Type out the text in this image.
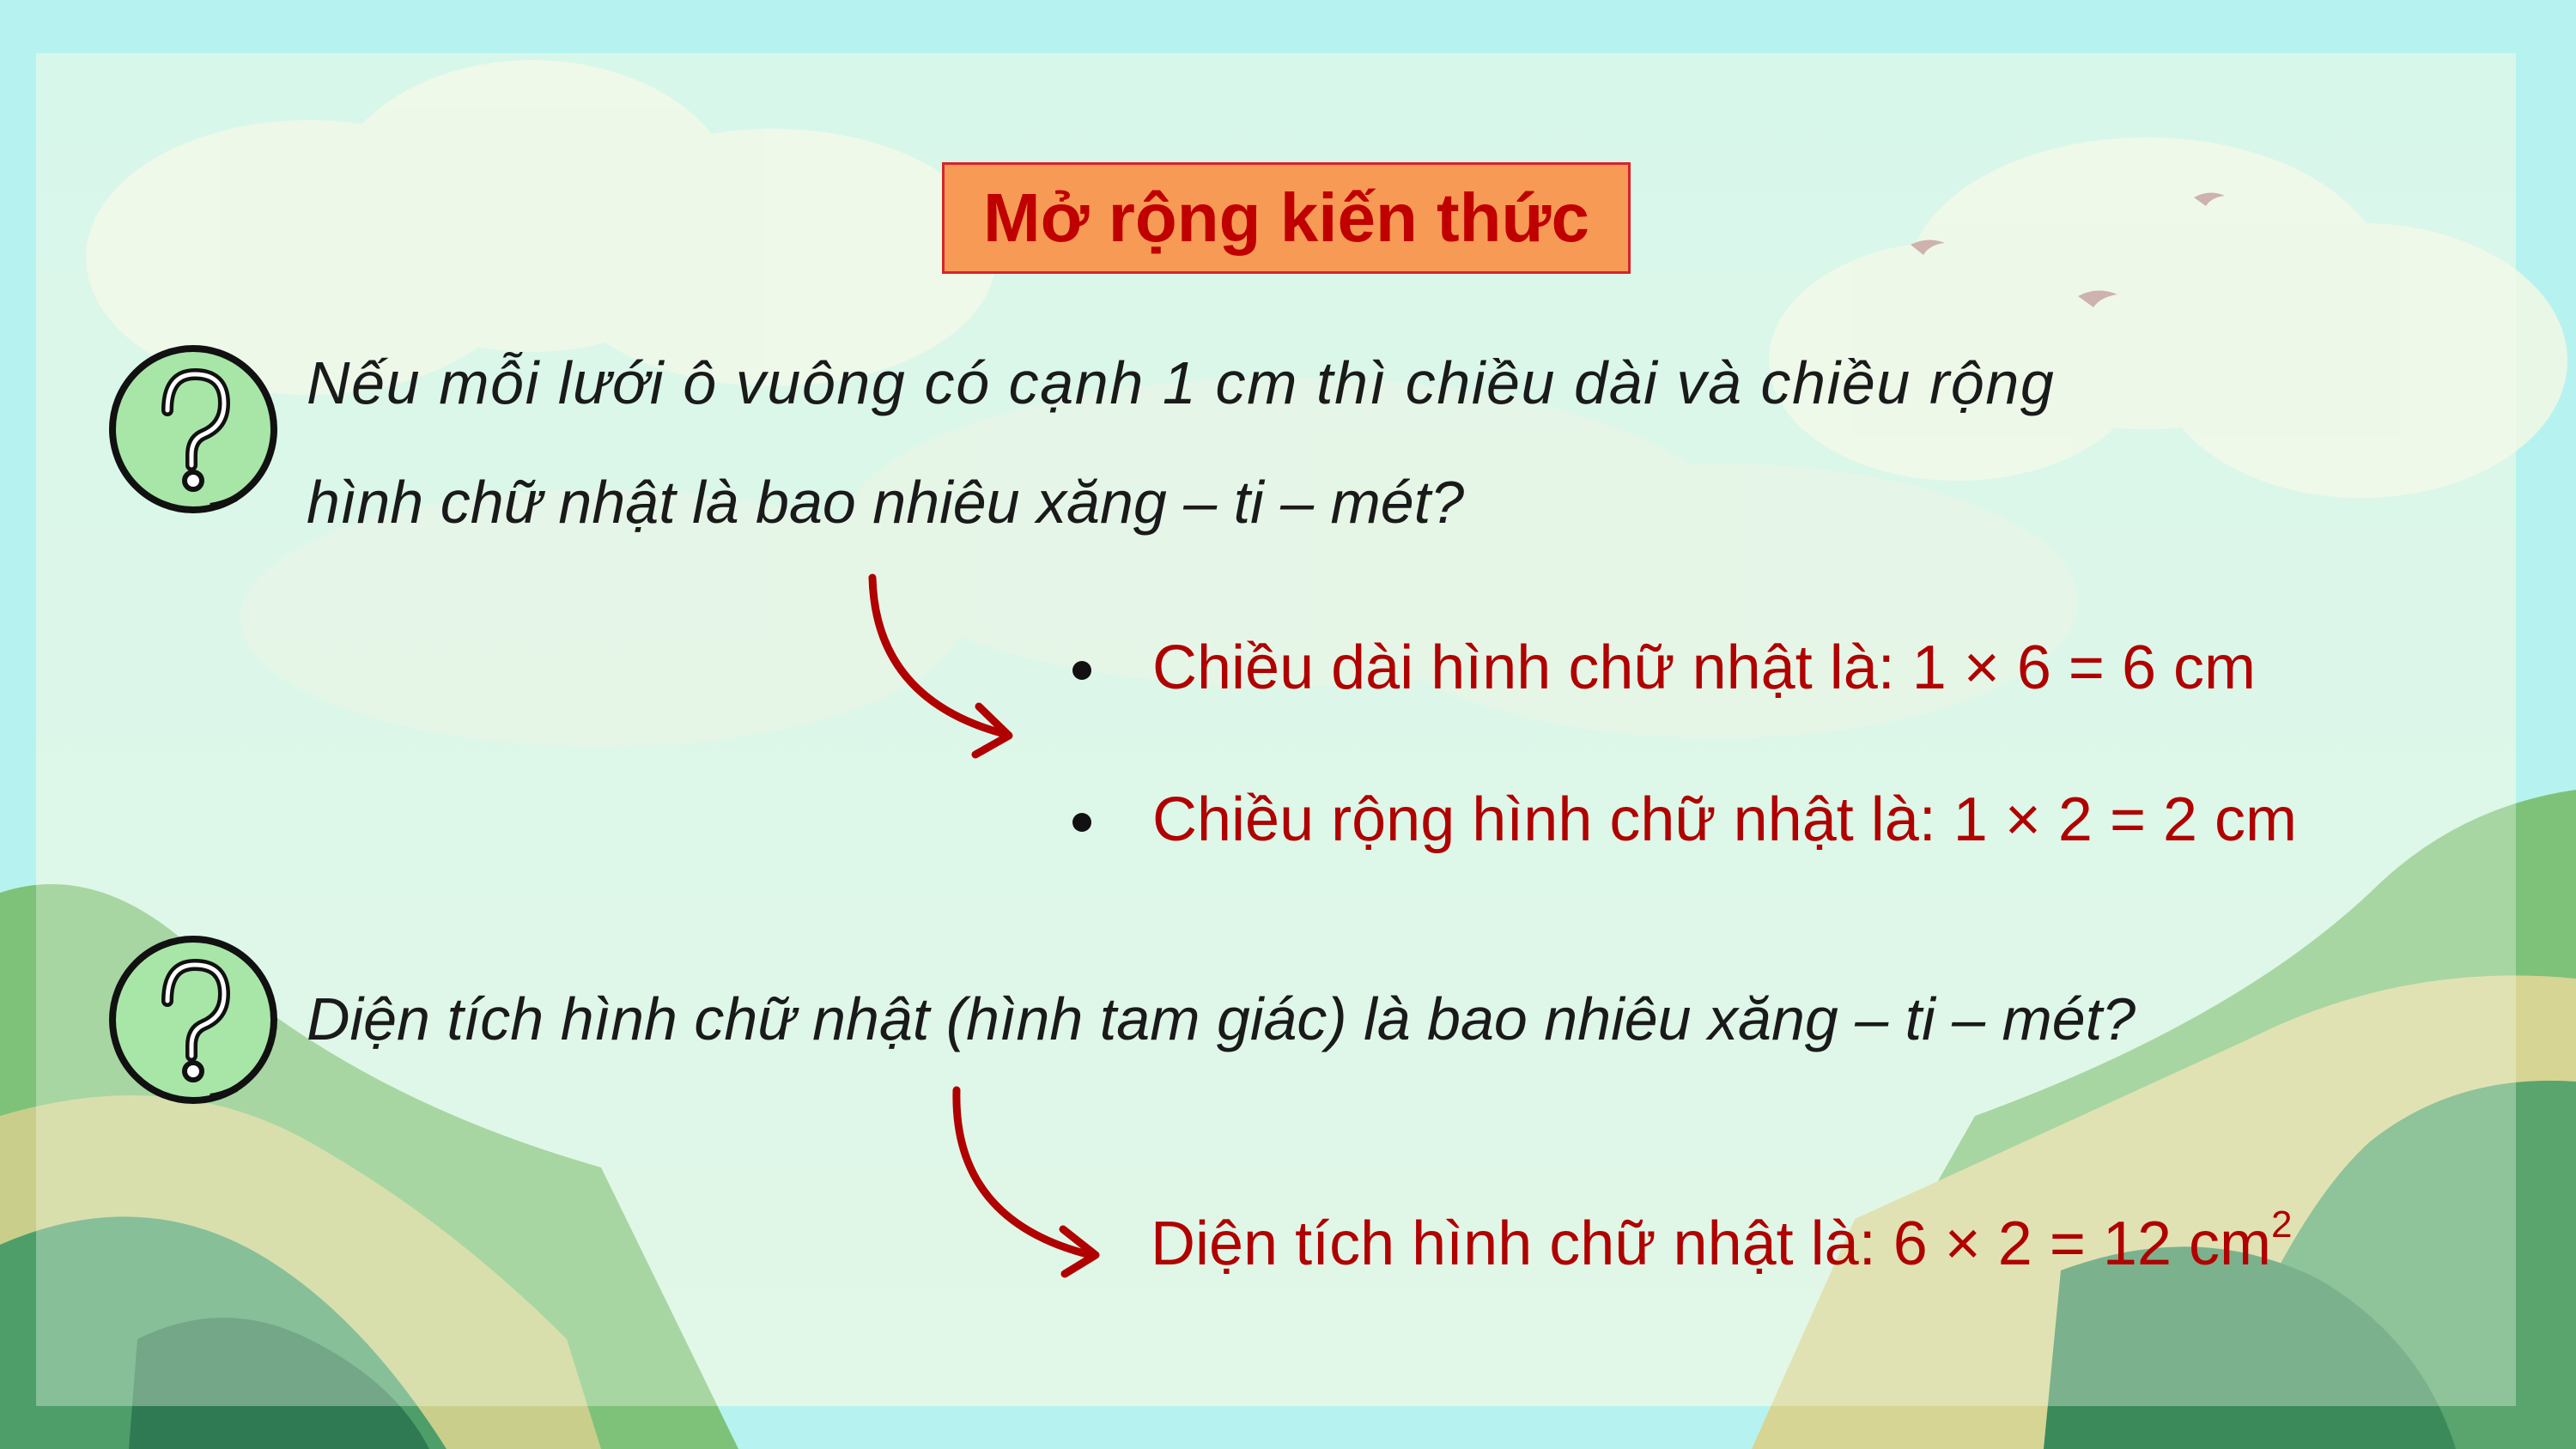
Mở rộng kiến thức
Nếu mỗi lưới ô vuông có cạnh 1 cm thì chiều dài và chiều rộng
hình chữ nhật là bao nhiêu xăng – ti – mét?
Chiều dài hình chữ nhật là: 1 × 6 = 6 cm
Chiều rộng hình chữ nhật là: 1 × 2 = 2 cm
Diện tích hình chữ nhật (hình tam giác) là bao nhiêu xăng – ti – mét?
Diện tích hình chữ nhật là: 6 × 2 = 12 $cm^2$
